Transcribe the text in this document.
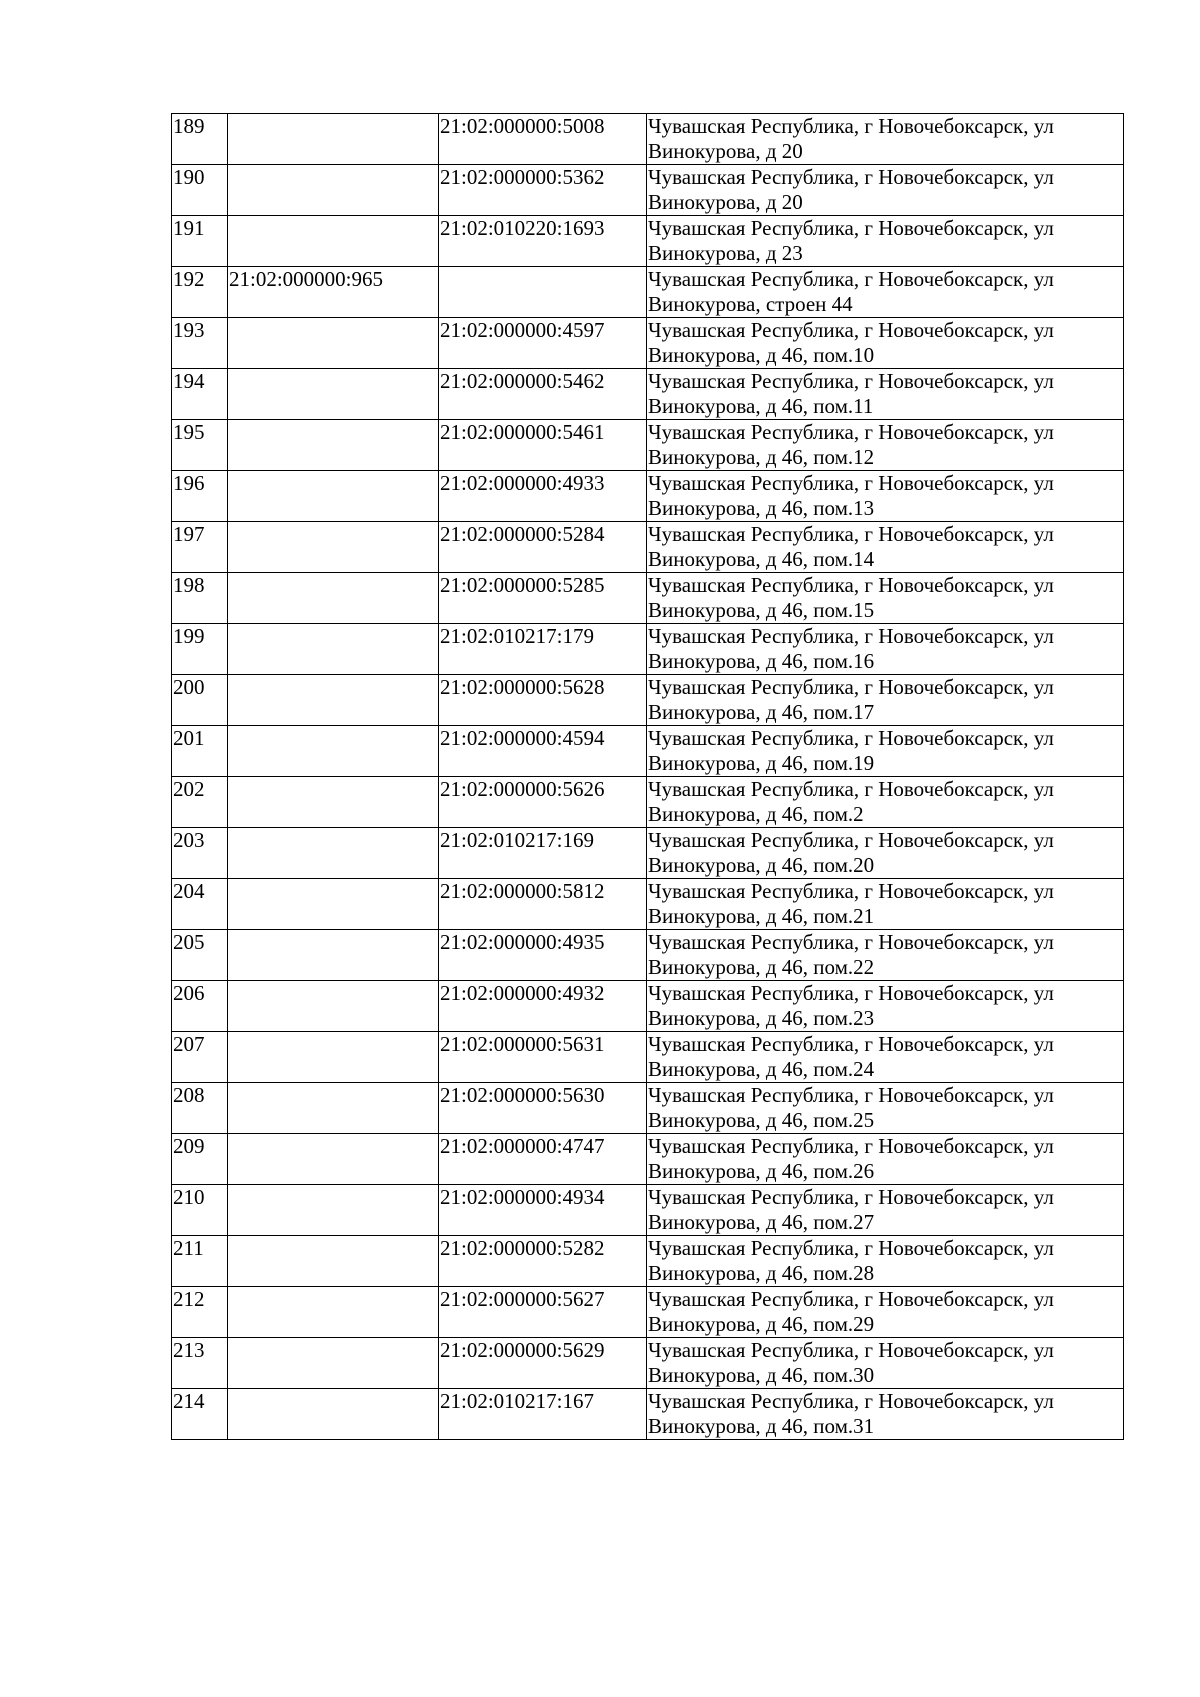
189		21:02:000000:5008	Чувашская Республика, г Новочебоксарск, ул
Винокурова, д 20

190		21:02:000000:5362	Чувашская Республика, г Новочебоксарск, ул
Винокурова, д 20

191		21:02:010220:1693	Чувашская Республика, г Новочебоксарск, ул
Винокурова, д 23

192	21:02:000000:965		Чувашская Республика, г Новочебоксарск, ул
Винокурова, строен 44

193		21:02:000000:4597	Чувашская Республика, г Новочебоксарск, ул
Винокурова, д 46, пом.10

194		21:02:000000:5462	Чувашская Республика, г Новочебоксарск, ул
Винокурова, д 46, пом.11

195		21:02:000000:5461	Чувашская Республика, г Новочебоксарск, ул
Винокурова, д 46, пом.12

196		21:02:000000:4933	Чувашская Республика, г Новочебоксарск, ул
Винокурова, д 46, пом.13

197		21:02:000000:5284	Чувашская Республика, г Новочебоксарск, ул
Винокурова, д 46, пом.14

198		21:02:000000:5285	Чувашская Республика, г Новочебоксарск, ул
Винокурова, д 46, пом.15

199		21:02:010217:179	Чувашская Республика, г Новочебоксарск, ул
Винокурова, д 46, пом.16

200		21:02:000000:5628	Чувашская Республика, г Новочебоксарск, ул
Винокурова, д 46, пом.17

201		21:02:000000:4594	Чувашская Республика, г Новочебоксарск, ул
Винокурова, д 46, пом.19

202		21:02:000000:5626	Чувашская Республика, г Новочебоксарск, ул
Винокурова, д 46, пом.2

203		21:02:010217:169	Чувашская Республика, г Новочебоксарск, ул
Винокурова, д 46, пом.20

204		21:02:000000:5812	Чувашская Республика, г Новочебоксарск, ул
Винокурова, д 46, пом.21

205		21:02:000000:4935	Чувашская Республика, г Новочебоксарск, ул
Винокурова, д 46, пом.22

206		21:02:000000:4932	Чувашская Республика, г Новочебоксарск, ул
Винокурова, д 46, пом.23

207		21:02:000000:5631	Чувашская Республика, г Новочебоксарск, ул
Винокурова, д 46, пом.24

208		21:02:000000:5630	Чувашская Республика, г Новочебоксарск, ул
Винокурова, д 46, пом.25

209		21:02:000000:4747	Чувашская Республика, г Новочебоксарск, ул
Винокурова, д 46, пом.26

210		21:02:000000:4934	Чувашская Республика, г Новочебоксарск, ул
Винокурова, д 46, пом.27

211		21:02:000000:5282	Чувашская Республика, г Новочебоксарск, ул
Винокурова, д 46, пом.28

212		21:02:000000:5627	Чувашская Республика, г Новочебоксарск, ул
Винокурова, д 46, пом.29

213		21:02:000000:5629	Чувашская Республика, г Новочебоксарск, ул
Винокурова, д 46, пом.30

214		21:02:010217:167	Чувашская Республика, г Новочебоксарск, ул
Винокурова, д 46, пом.31
